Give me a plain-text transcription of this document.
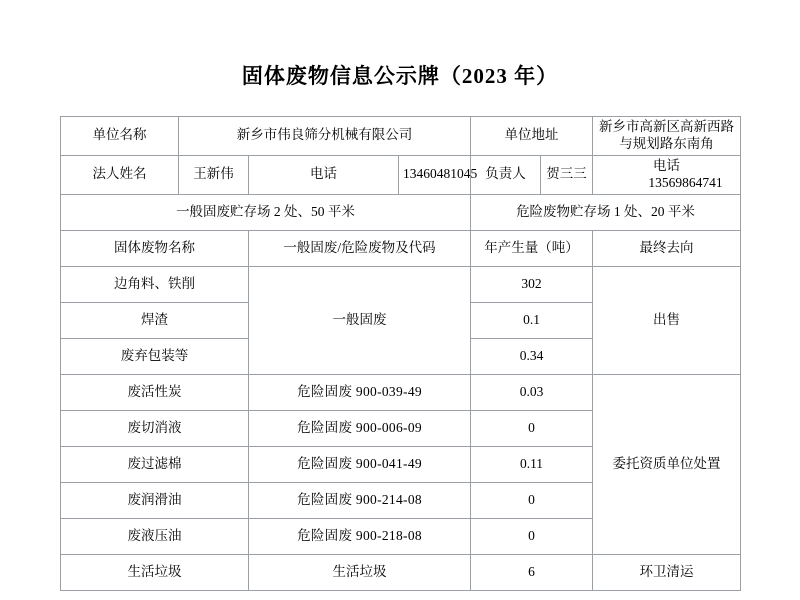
固体废物信息公示牌（2023 年）
单位名称	新乡市伟良筛分机械有限公司			单位地址		新乡市高新区高新西路与规划路东南角
法人姓名	王新伟	电话	13460481045	负责人	贺三三	电话 13569864741
一般固废贮存场 2 处、50 平米				危险废物贮存场 1 处、20 平米		
固体废物名称		一般固废/危险废物及代码		年产生量（吨）		最终去向
边角料、铁削		一般固废		302		出售
焊渣				0.1		
废弃包装等				0.34		
废活性炭		危险固废 900-039-49		0.03		委托资质单位处置
废切消液		危险固废 900-006-09		0		
废过滤棉		危险固废 900-041-49		0.11		
废润滑油		危险固废 900-214-08		0		
废液压油		危险固废 900-218-08		0		
生活垃圾		生活垃圾		6		环卫清运
